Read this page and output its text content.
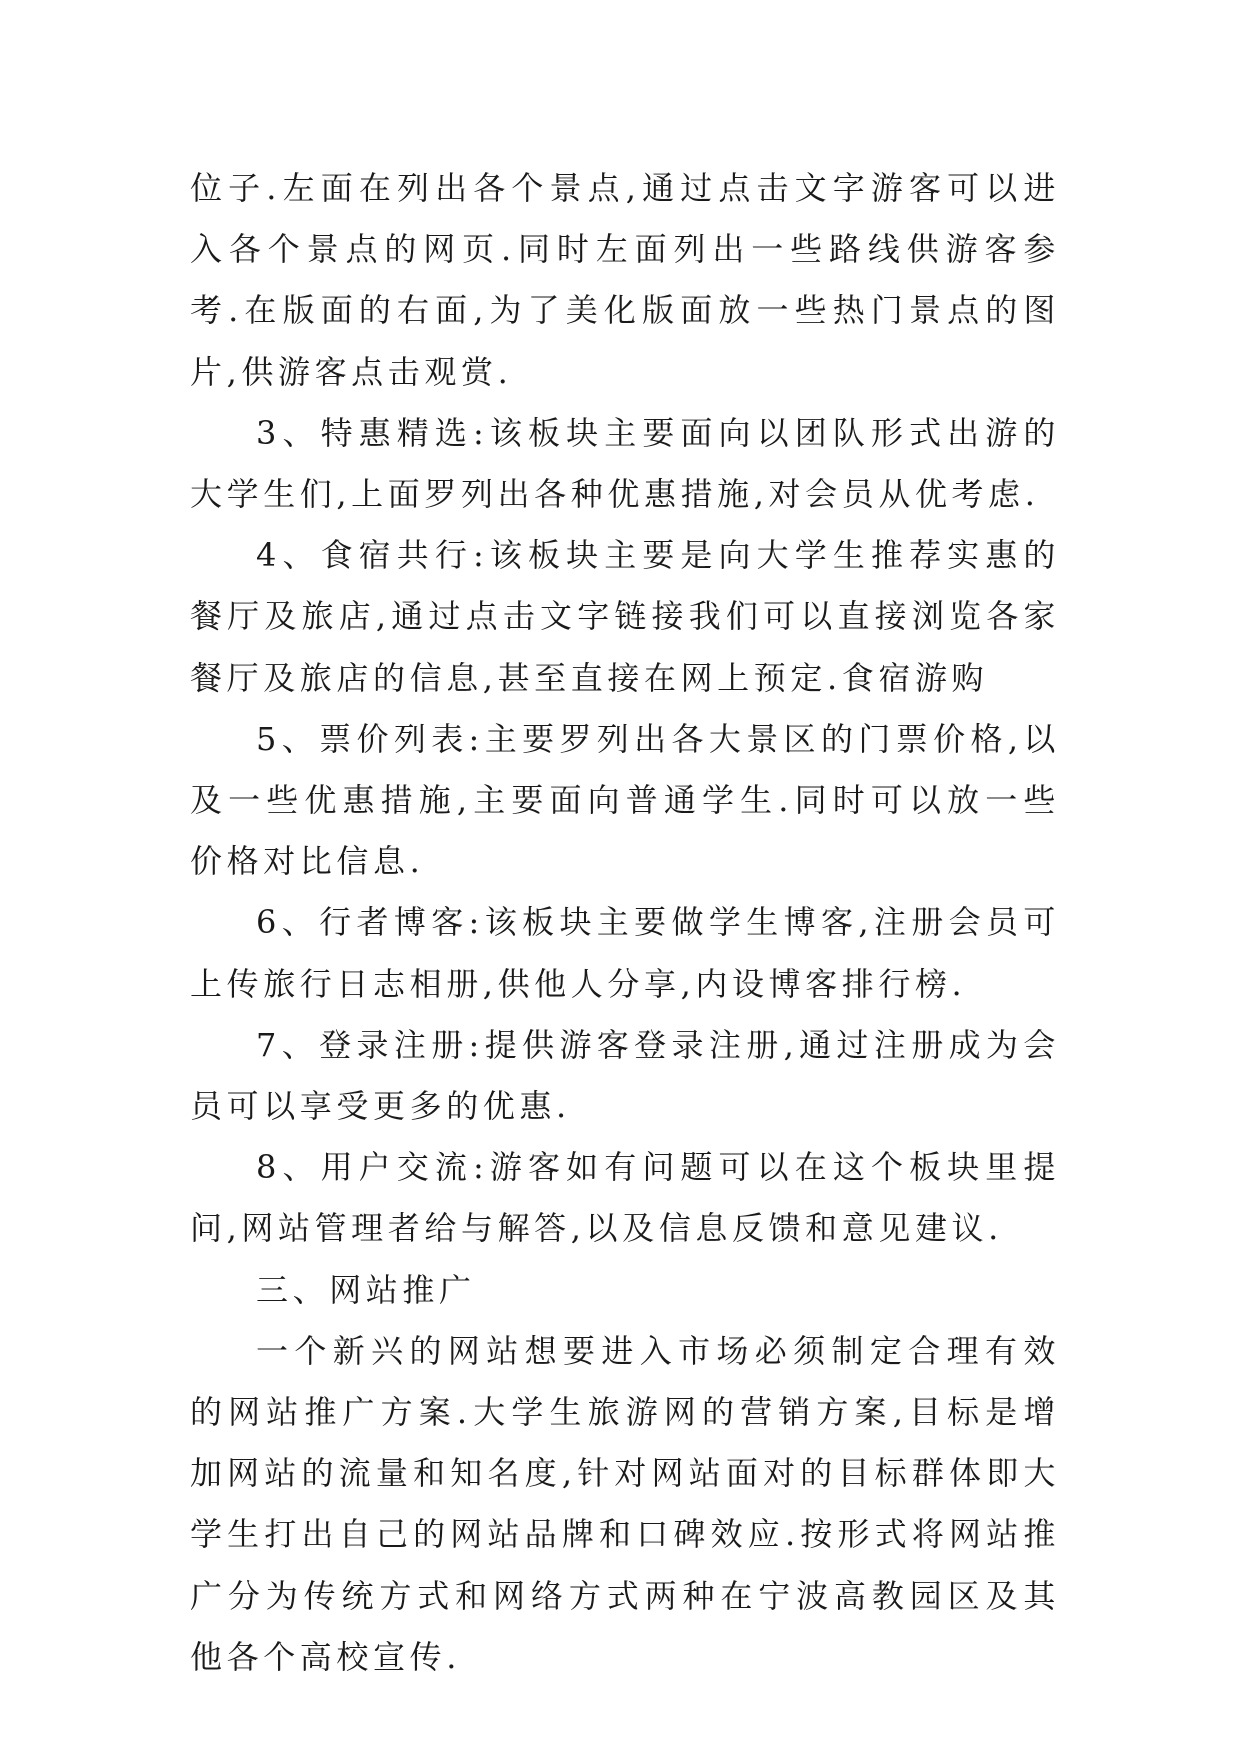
位子.左面在列出各个景点,通过点击文字游客可以进入各个景点的网页.同时左面列出一些路线供游客参考.在版面的右面,为了美化版面放一些热门景点的图片,供游客点击观赏.

3、特惠精选:该板块主要面向以团队形式出游的大学生们,上面罗列出各种优惠措施,对会员从优考虑.

4、食宿共行:该板块主要是向大学生推荐实惠的餐厅及旅店,通过点击文字链接我们可以直接浏览各家餐厅及旅店的信息,甚至直接在网上预定.食宿游购

5、票价列表:主要罗列出各大景区的门票价格,以及一些优惠措施,主要面向普通学生.同时可以放一些价格对比信息.

6、行者博客:该板块主要做学生博客,注册会员可上传旅行日志相册,供他人分享,内设博客排行榜.

7、登录注册:提供游客登录注册,通过注册成为会员可以享受更多的优惠.

8、用户交流:游客如有问题可以在这个板块里提问,网站管理者给与解答,以及信息反馈和意见建议.

三、网站推广

一个新兴的网站想要进入市场必须制定合理有效的网站推广方案.大学生旅游网的营销方案,目标是增加网站的流量和知名度,针对网站面对的目标群体即大学生打出自己的网站品牌和口碑效应.按形式将网站推广分为传统方式和网络方式两种在宁波高教园区及其他各个高校宣传.
